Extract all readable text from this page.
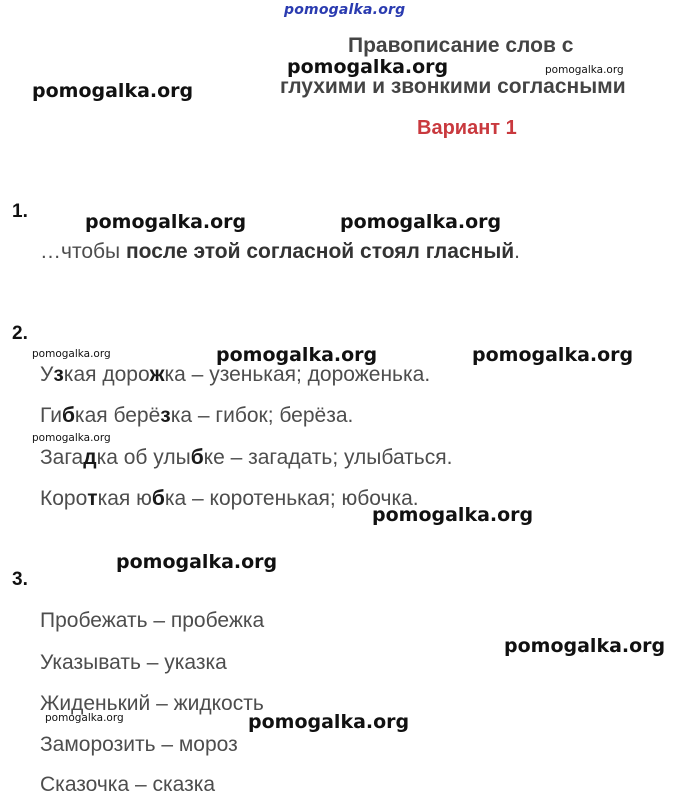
pomogalka.org
pomogalka.org	pomogalka.org
pomogalka.org
pomogalka.org	pomogalka.org
pomogalka.org	pomogalka.org	pomogalka.org
pomogalka.org
pomogalka.org
pomogalka.org
pomogalka.org
pomogalka.org	pomogalka.org
Правописание слов с
глухими и звонкими согласными
Вариант 1
1.
…чтобы после этой согласной стоял гласный.
2.
Узкая дорожка – узенькая; дороженька.
Гибкая берёзка – гибок; берёза.
Загадка об улыбке – загадать; улыбаться.
Короткая юбка – коротенькая; юбочка.
3.
Пробежать – пробежка
Указывать – указка
Жиденький – жидкость
Заморозить – мороз
Сказочка – сказка
